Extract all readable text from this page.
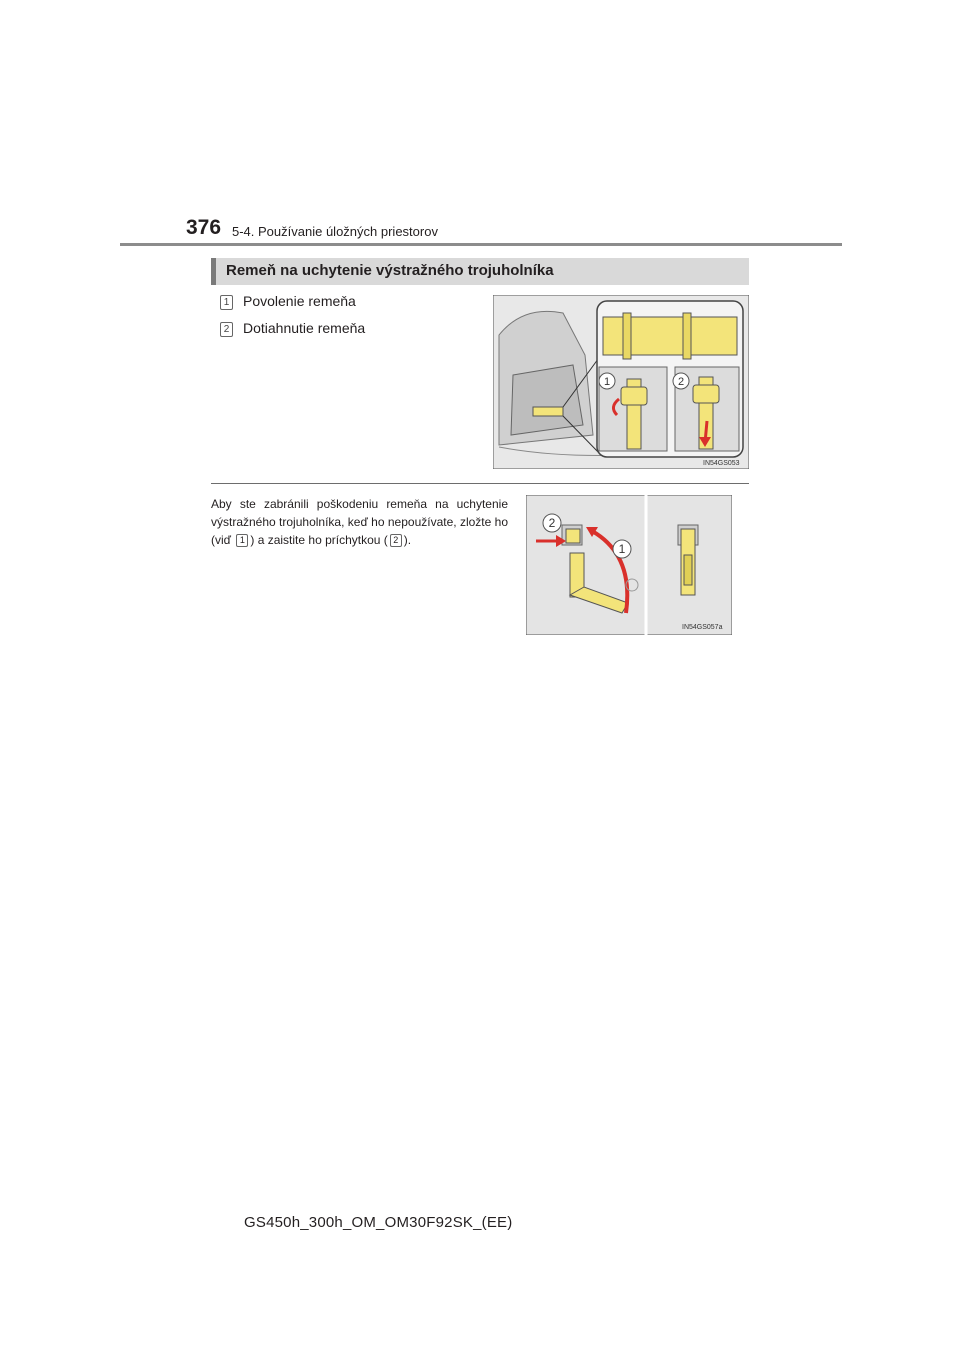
376 5-4. Používanie úložných priestorov
Remeň na uchytenie výstražného trojuholníka
1 Povolenie remeňa
2 Dotiahnutie remeňa
1	2
IN54GS053
Aby ste zabránili poškodeniu remeňa na uchytenie výstražného trojuholníka, keď ho nepoužívate, zložte ho (viď 1 ) a zaistite ho príchytkou ( 2 ).
2
1
IN54GS057a
GS450h_300h_OM_OM30F92SK_(EE)
